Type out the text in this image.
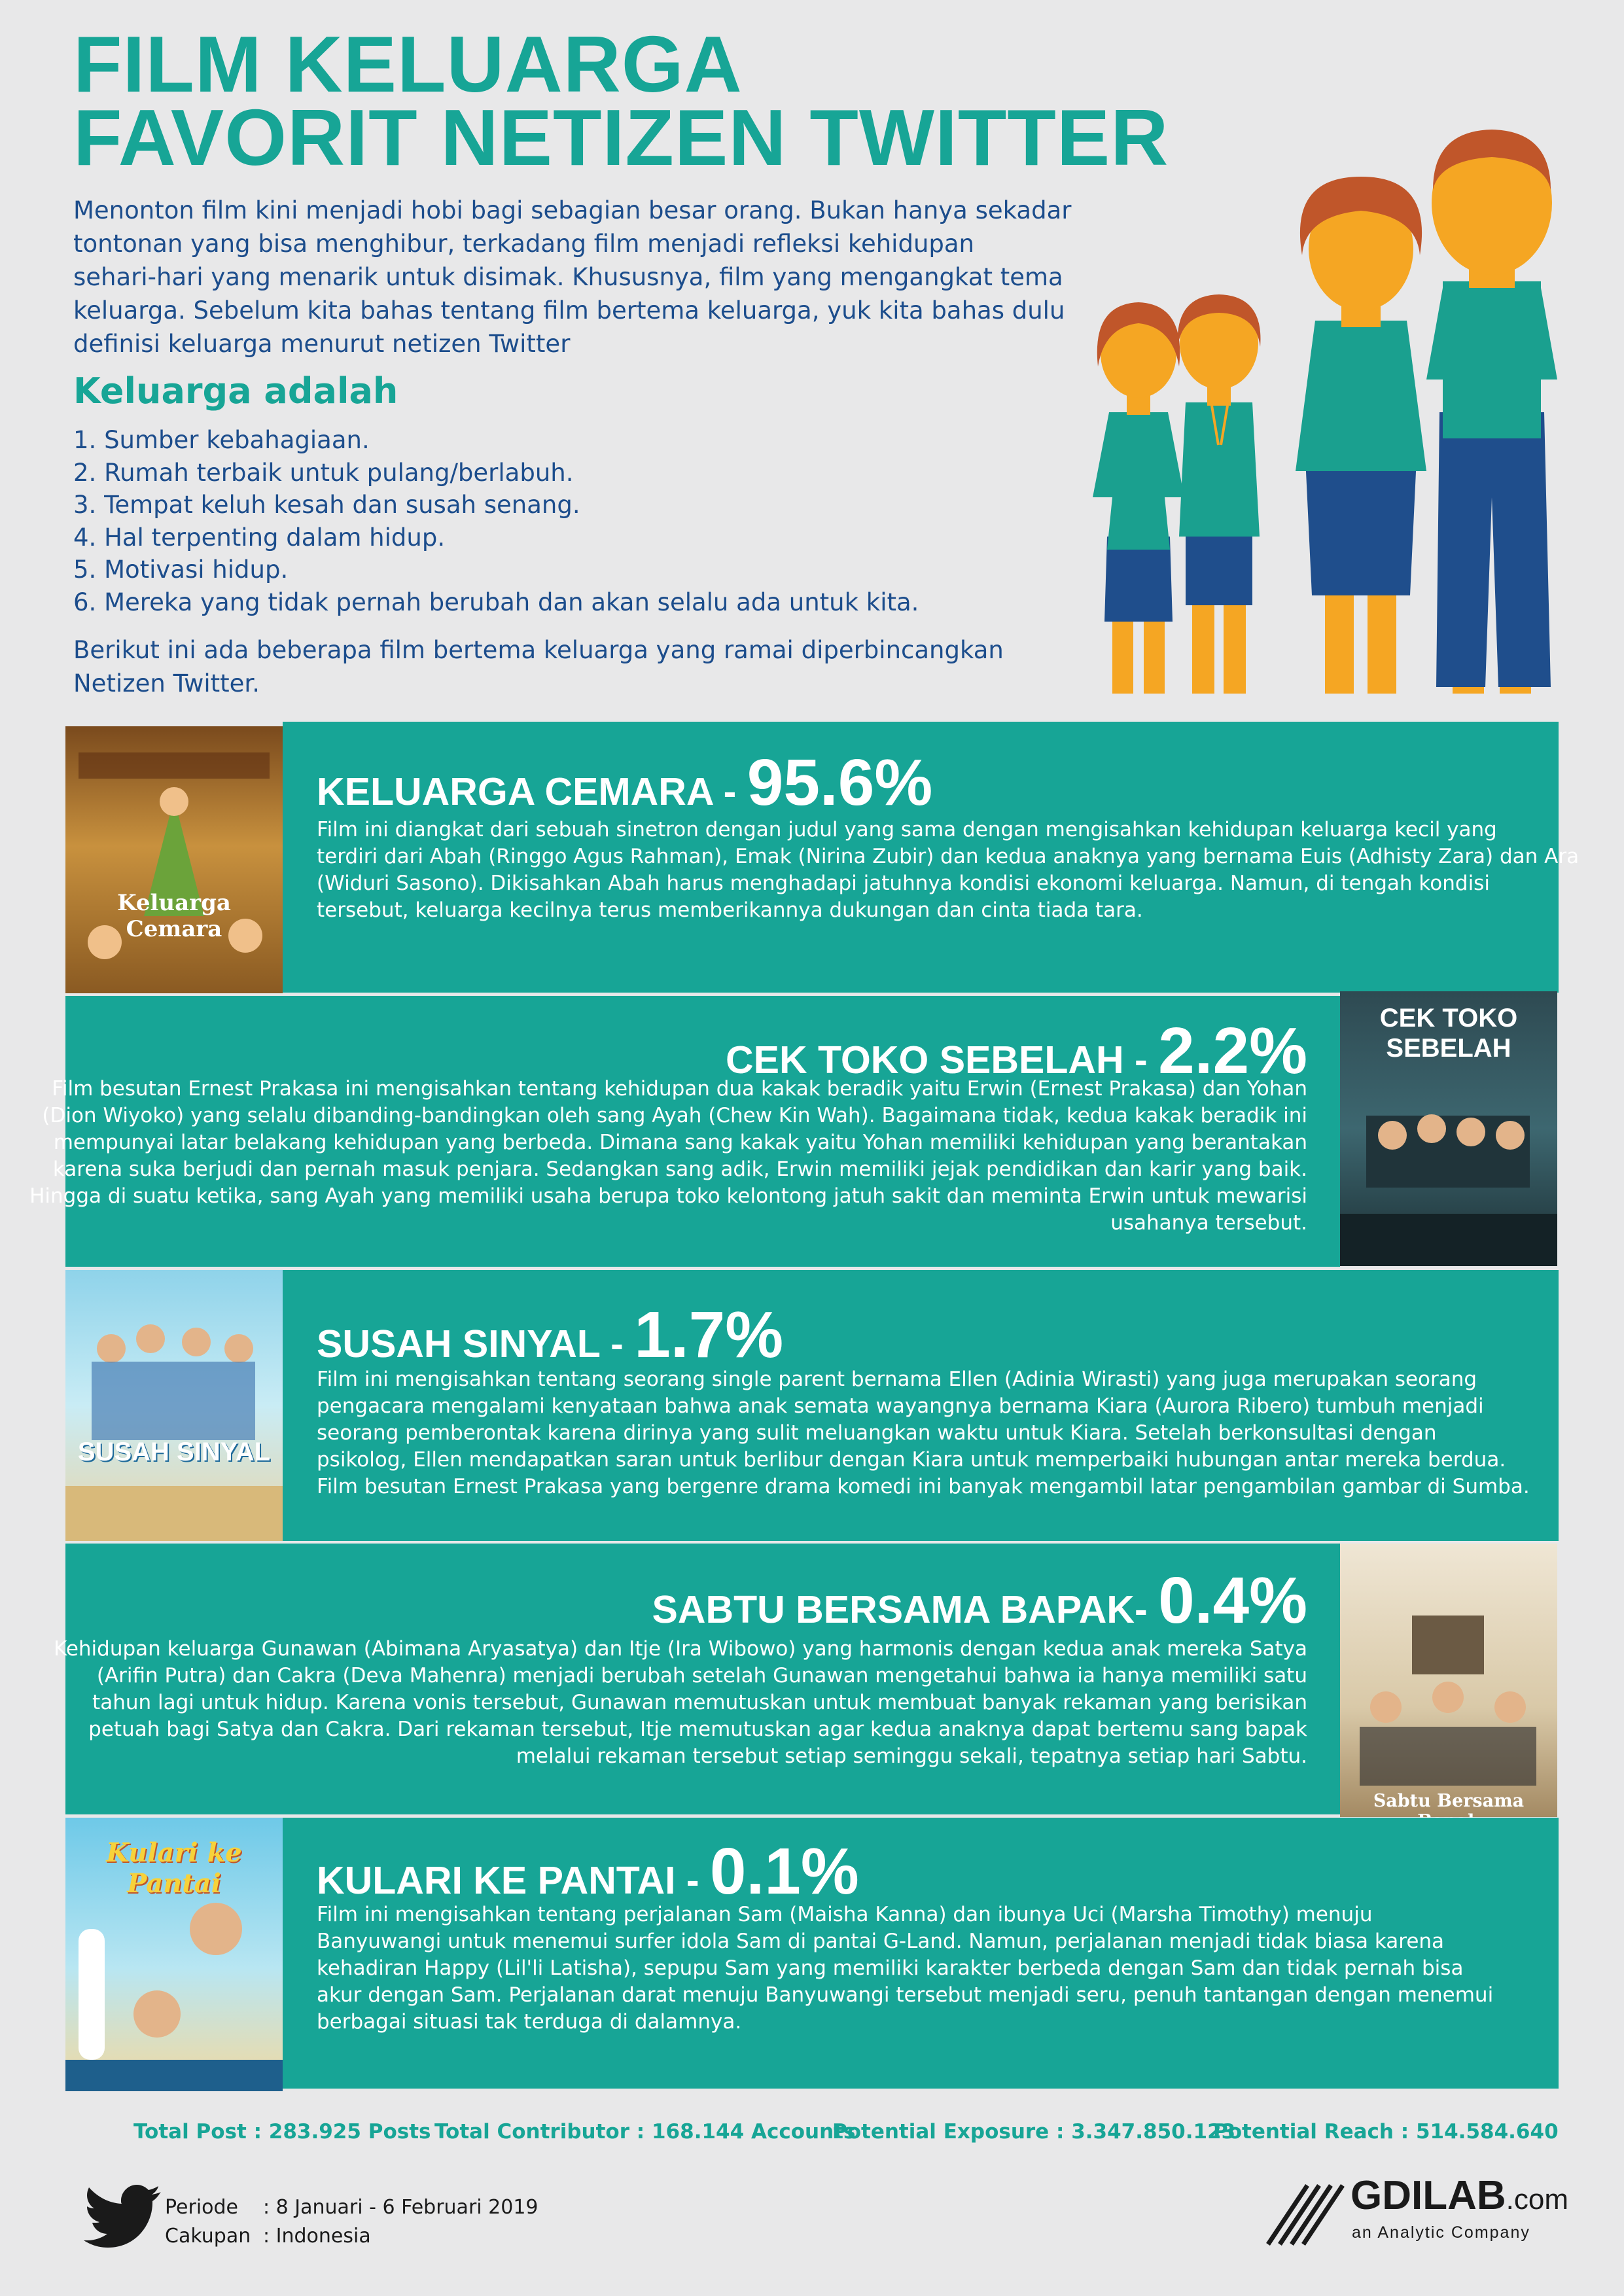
FILM KELUARGA
FAVORIT NETIZEN TWITTER

Menonton film kini menjadi hobi bagi sebagian besar orang. Bukan hanya sekadar
tontonan yang bisa menghibur, terkadang film menjadi refleksi kehidupan
sehari-hari yang menarik untuk disimak. Khususnya, film yang mengangkat tema
keluarga. Sebelum kita bahas tentang film bertema keluarga, yuk kita bahas dulu
definisi keluarga menurut netizen Twitter

Keluarga adalah
1. Sumber kebahagiaan.
2. Rumah terbaik untuk pulang/berlabuh.
3. Tempat keluh kesah dan susah senang.
4. Hal terpenting dalam hidup.
5. Motivasi hidup.
6. Mereka yang tidak pernah berubah dan akan selalu ada untuk kita.

Berikut ini ada beberapa film bertema keluarga yang ramai diperbincangkan
Netizen Twitter.

Keluarga Cemara
KELUARGA CEMARA - 95.6%

Film ini diangkat dari sebuah sinetron dengan judul yang sama dengan mengisahkan kehidupan keluarga kecil yang
terdiri dari Abah (Ringgo Agus Rahman), Emak (Nirina Zubir) dan kedua anaknya yang bernama Euis (Adhisty Zara) dan Ara
(Widuri Sasono). Dikisahkan Abah harus menghadapi jatuhnya kondisi ekonomi keluarga. Namun, di tengah kondisi
tersebut, keluarga kecilnya terus memberikannya dukungan dan cinta tiada tara.

CEK TOKO SEBELAH
CEK TOKO SEBELAH - 2.2%

Film besutan Ernest Prakasa ini mengisahkan tentang kehidupan dua kakak beradik yaitu Erwin (Ernest Prakasa) dan Yohan
(Dion Wiyoko) yang selalu dibanding-bandingkan oleh sang Ayah (Chew Kin Wah). Bagaimana tidak, kedua kakak beradik ini
mempunyai latar belakang kehidupan yang berbeda. Dimana sang kakak yaitu Yohan memiliki kehidupan yang berantakan
karena suka berjudi dan pernah masuk penjara. Sedangkan sang adik, Erwin memiliki jejak pendidikan dan karir yang baik.
Hingga di suatu ketika, sang Ayah yang memiliki usaha berupa toko kelontong jatuh sakit dan meminta Erwin untuk mewarisi
usahanya tersebut.

SUSAH SINYAL
SUSAH SINYAL - 1.7%

Film ini mengisahkan tentang seorang single parent bernama Ellen (Adinia Wirasti) yang juga merupakan seorang
pengacara mengalami kenyataan bahwa anak semata wayangnya bernama Kiara (Aurora Ribero) tumbuh menjadi
seorang pemberontak karena dirinya yang sulit meluangkan waktu untuk Kiara. Setelah berkonsultasi dengan
psikolog, Ellen mendapatkan saran untuk berlibur dengan Kiara untuk memperbaiki hubungan antar mereka berdua.
Film besutan Ernest Prakasa yang bergenre drama komedi ini banyak mengambil latar pengambilan gambar di Sumba.

Sabtu Bersama
SABTU BERSAMA BAPAK- 0.4%

Kehidupan keluarga Gunawan (Abimana Aryasatya) dan Itje (Ira Wibowo) yang harmonis dengan kedua anak mereka Satya
(Arifin Putra) dan Cakra (Deva Mahenra) menjadi berubah setelah Gunawan mengetahui bahwa ia hanya memiliki satu
tahun lagi untuk hidup. Karena vonis tersebut, Gunawan memutuskan untuk membuat banyak rekaman yang berisikan
petuah bagi Satya dan Cakra. Dari rekaman tersebut, Itje memutuskan agar kedua anaknya dapat bertemu sang bapak
melalui rekaman tersebut setiap seminggu sekali, tepatnya setiap hari Sabtu.

Kulari ke Pantai	KULARI KE PANTAI - 0.1%

Film ini mengisahkan tentang perjalanan Sam (Maisha Kanna) dan ibunya Uci (Marsha Timothy) menuju
Banyuwangi untuk menemui surfer idola Sam di pantai G-Land. Namun, perjalanan menjadi tidak biasa karena
kehadiran Happy (Lil'li Latisha), sepupu Sam yang memiliki karakter berbeda dengan Sam dan tidak pernah bisa
akur dengan Sam. Perjalanan darat menuju Banyuwangi tersebut menjadi seru, penuh tantangan dengan menemui
berbagai situasi tak terduga di dalamnya.

Total Post : 283.925 Posts Total Contributor : 168.144 Accounts
Potential Exposure : 3.347.850.123
Potential Reach : 514.584.640
Periode : 8 Januari - 6 Februari 2019
Cakupan : Indonesia
GDILAB.com
an Analytic Company
